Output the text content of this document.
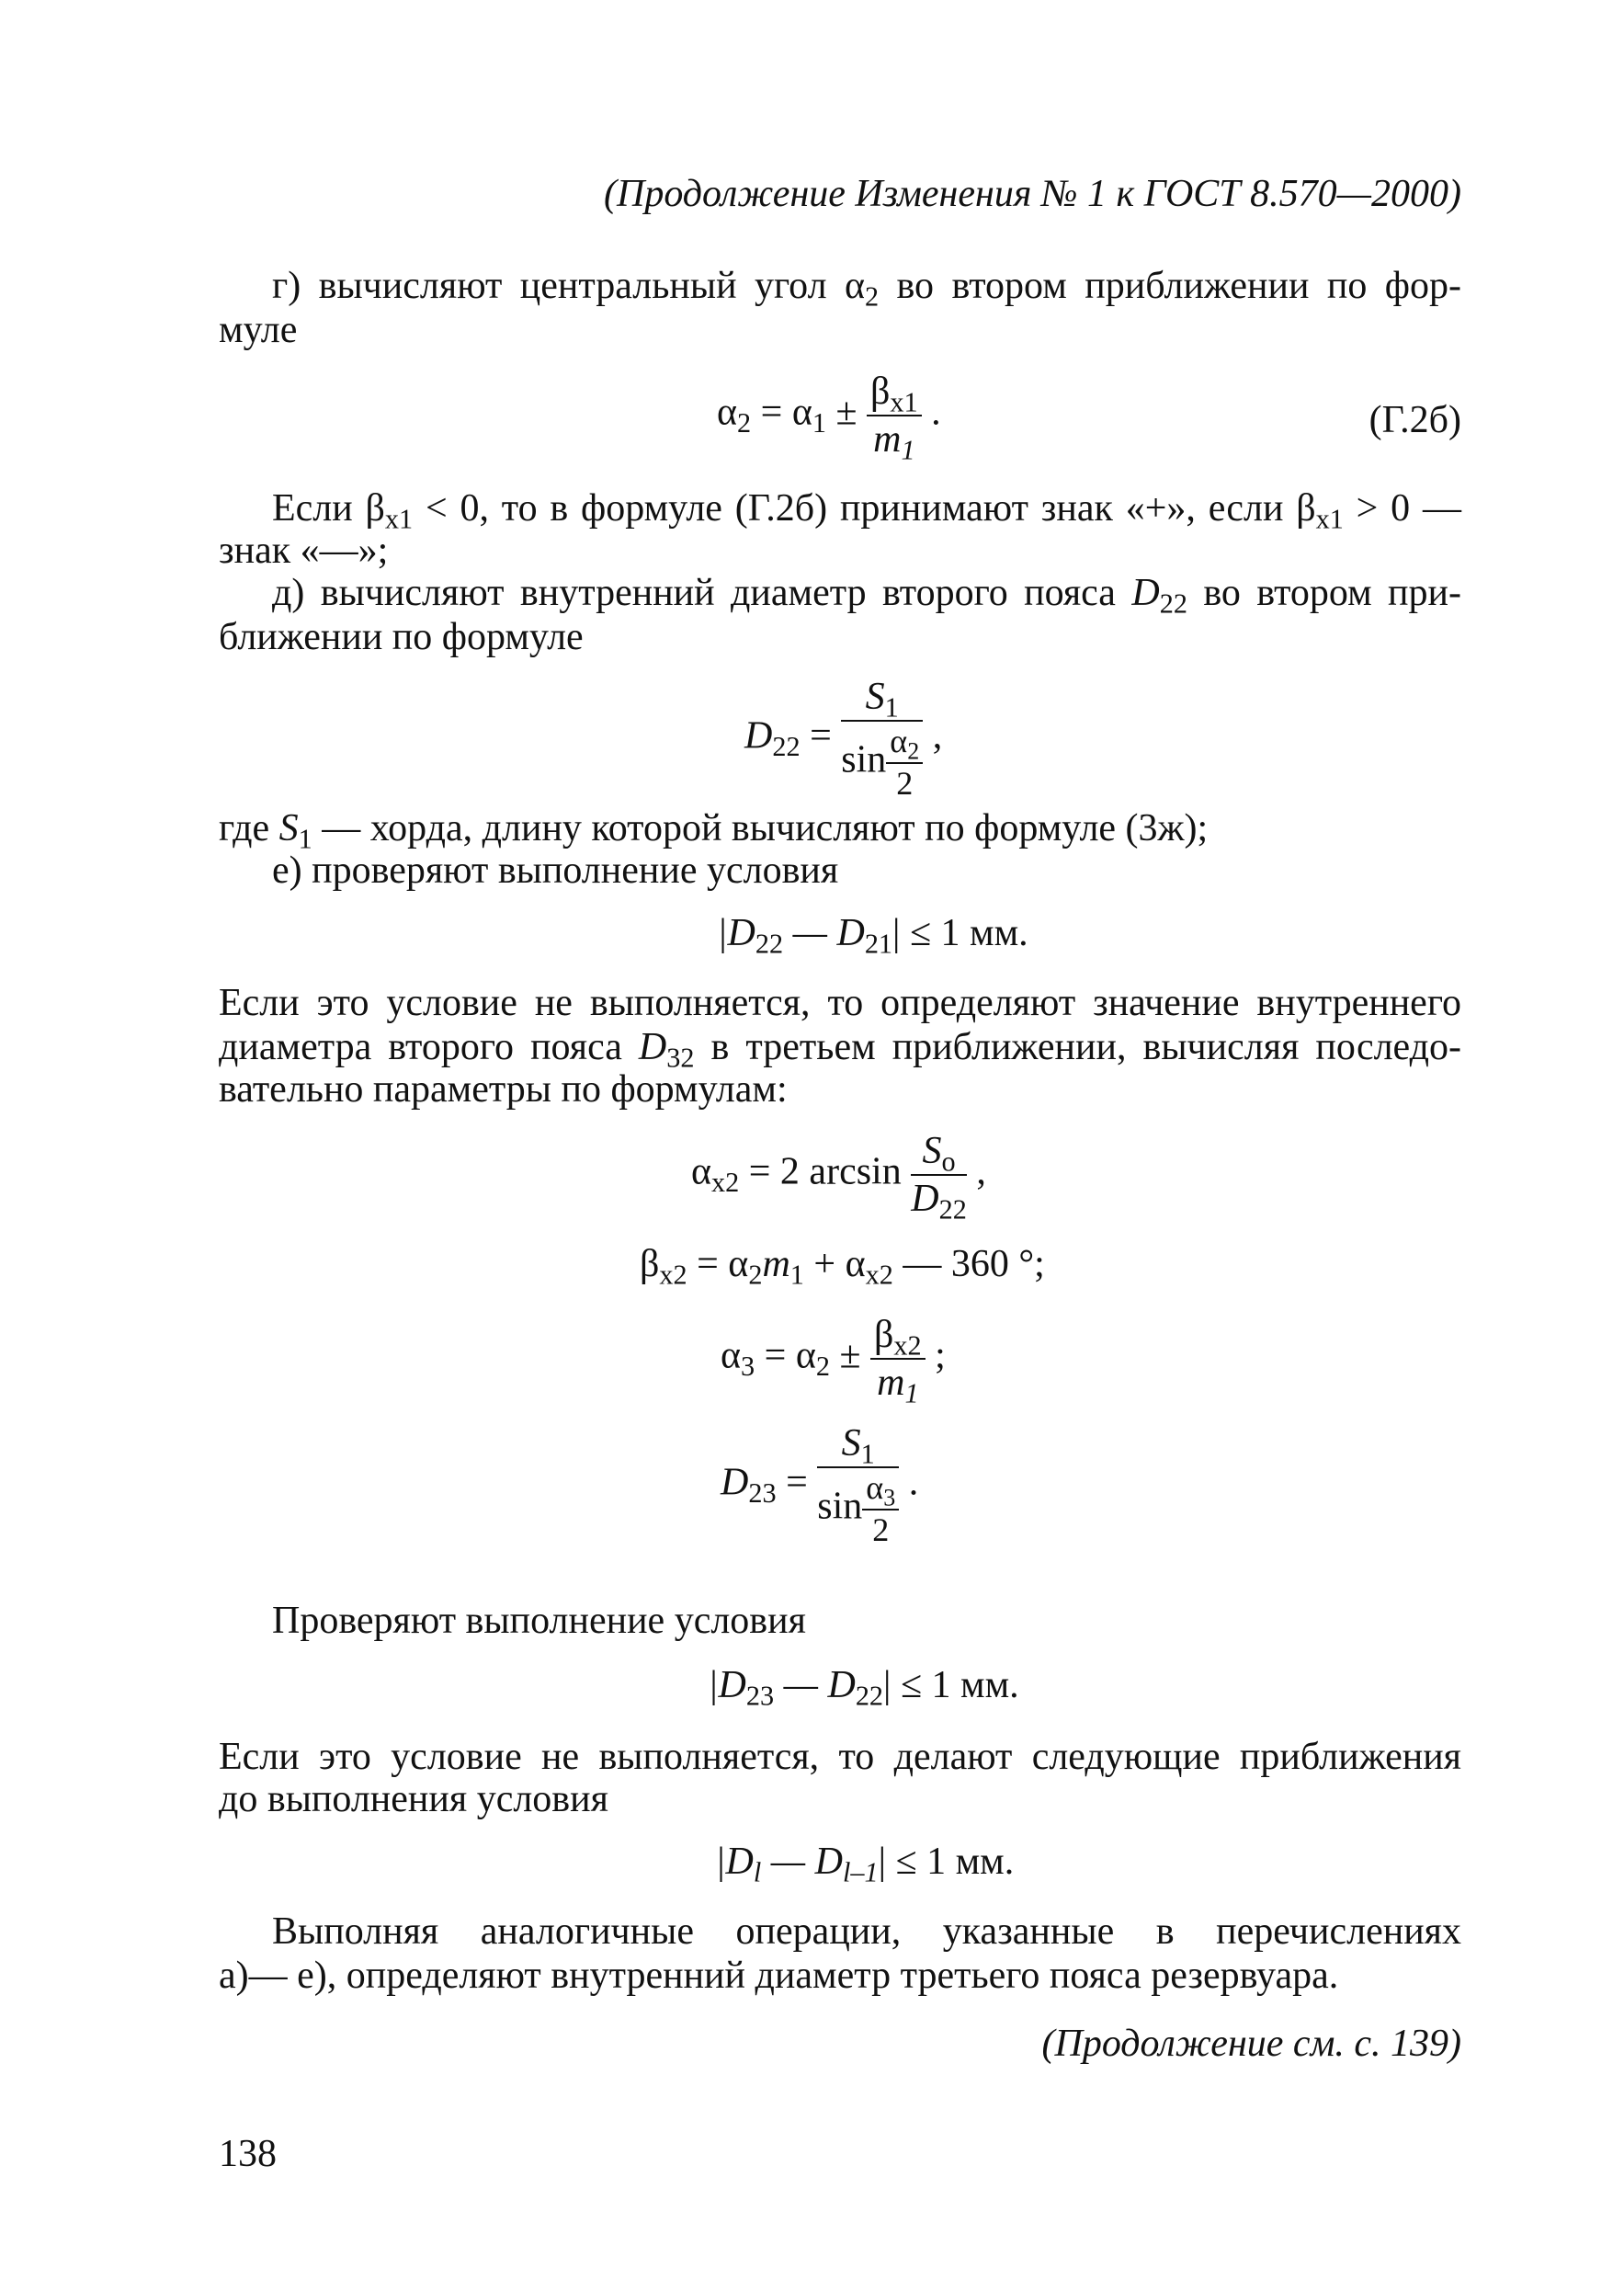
(Продолжение Изменения № 1 к ГОСТ 8.570—2000)
г) вычисляют центральный угол $\alpha_2$ во втором приближении по фор-
муле
$\alpha_2 = \alpha_1 \pm \frac{\beta_{x1}}{m_1}$ .	(Г.2б)
Если $\beta_{x1} < 0$, то в формуле (Г.2б) принимают знак «+», если $\beta_{x1} > 0$ —
знак «—»;
д) вычисляют внутренний диаметр второго пояса $D_{22}$ во втором при-
ближении по формуле
$D_{22} = \frac{S_1}{\sin \frac{\alpha_2}{2}}$ ,
где $S_1$ — хорда, длину которой вычисляют по формуле (3ж);
е) проверяют выполнение условия
$|D_{22}$ — $D_{21}| \le 1$ мм.
Если это условие не выполняется, то определяют значение внутреннего
диаметра второго пояса $D_{32}$ в третьем приближении, вычисляя последо-
вательно параметры по формулам:
$\alpha_{x2} = 2$ $\arcsin \frac{S_o}{D_{22}}$ ,
$\beta_{x2} = \alpha_2m_1 + \alpha_{x2}$ — 360 °;
$\alpha_3 = \alpha_2 \pm \frac{\beta_{x2}}{m_1}$ ;
$D_{23} = \frac{S_1}{\sin \frac{\alpha_3}{2}}$ .
Проверяют выполнение условия
$|D_{23}$ — $D_{22}| \le 1$ мм.
Если это условие не выполняется, то делают следующие приближения
до выполнения условия
$|D_l$ — $D_{l-1}| \le 1$ мм.
Выполняя аналогичные операции, указанные в перечислениях
а)— е), определяют внутренний диаметр третьего пояса резервуара.
(Продолжение см. с. 139)
138
